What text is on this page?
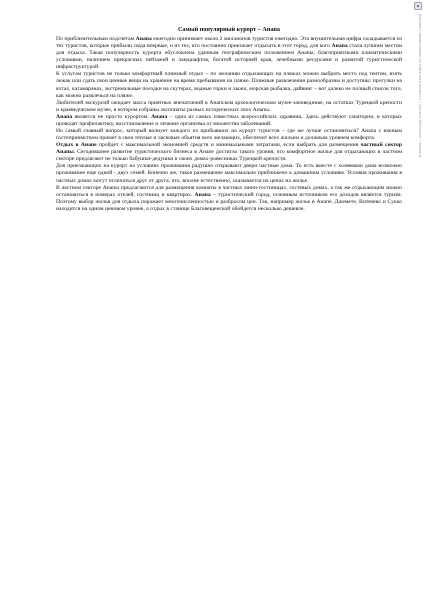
Самый популярный курорт – Анапа

По приблизительным подсчетам Анапа ежегодно принимает около 2 миллионов туристов ежегодно. Эта внушительная цифра складывается из тех туристов, которые прибыли сюда впервые, и из тех, кто постоянно приезжает отдыхать в этот город, для кого Анапа стала лучшим местом для отдыха. Такая популярность курорта обусловлена удачным географическим положением Анапы, благоприятными климатическими условиями, наличием прекрасных пейзажей и ландшафтов, богатой историей края, лечебными ресурсами и развитой туристической инфраструктурой.

К услугам туристов не только комфортный пляжный отдых – по желанию отдыхающих на пляжах можно выбрать место под тентом, взять лежак или сдать свои ценные вещи на хранение на время пребывания на пляже. Пляжные развлечения разнообразны и доступны: прогулки на яхтах, катамаранах, экстремальные поездки на скутерах, водные горки и лыжи, морская рыбалка, дайвинг – вот далеко не полный список того, как можно развлечься на пляже.

Любителей экскурсий ожидает масса приятных впечатлений в Анапском археологическом музее-заповеднике, на остатках Турецкой крепости и краеведческом музее, в котором собраны экспонаты разных исторических эпох Анапы.

Анапа является не просто курортом. Анапа – одна из самых известных всероссийских здравниц. Здесь действуют санатории, в которых проводят профилактику, восстановление и лечение организма от множества заболеваний.

Но самый главный вопрос, который волнует каждого из прибывших на курорт туристов – где же лучше остановиться? Анапа с южным гостеприимством примет в свои теплые и ласковые объятия всех желающих, обеспечит всех жильем и должным уровнем комфорта.

Отдых в Анапе пройдет с максимальной экономией средств и минимальными затратами, если выбрать для размещения частный сектор Анапы. Сегодняшнее развитие туристического бизнеса в Анапе достигло такого уровня, что комфортное жилье для отдыхающих в частном секторе предлагают не только бабушки-дедушки в своих домах-ровесниках Турецкой крепости.

Для приезжающих на курорт на условиях проживания радушно открывают двери частные дома. То есть вместе с хозяевами дома возможно проживание еще одной - двух семей. Конечно же, такое размещение максимально приближено к домашним условиям. Условия проживания в частных домах могут отличаться друг от друга, что, вполне естественно, сказывается на ценах на жилье.

В частном секторе Анапы предлагаются для размещения комнаты в частных мини-гостиницах, гостевых домах, а так же отдыхающим можно остановиться в номерах отелей, гостиниц и квартирах. Анапа – туристический город, основным источником его доходов является туризм. Поэтому выбор жилья для отдыха поражает многочисленностью и разбросом цен. Так, например жилье в Анапе, Джемете, Витязево и Сукко находится на одном ценовом уровне, а отдых в станице Благовещенской обойдется несколько дешевле.

Документ предоставлен на сайте www.docme.ru • Скачать бесплатно • docme.ru
